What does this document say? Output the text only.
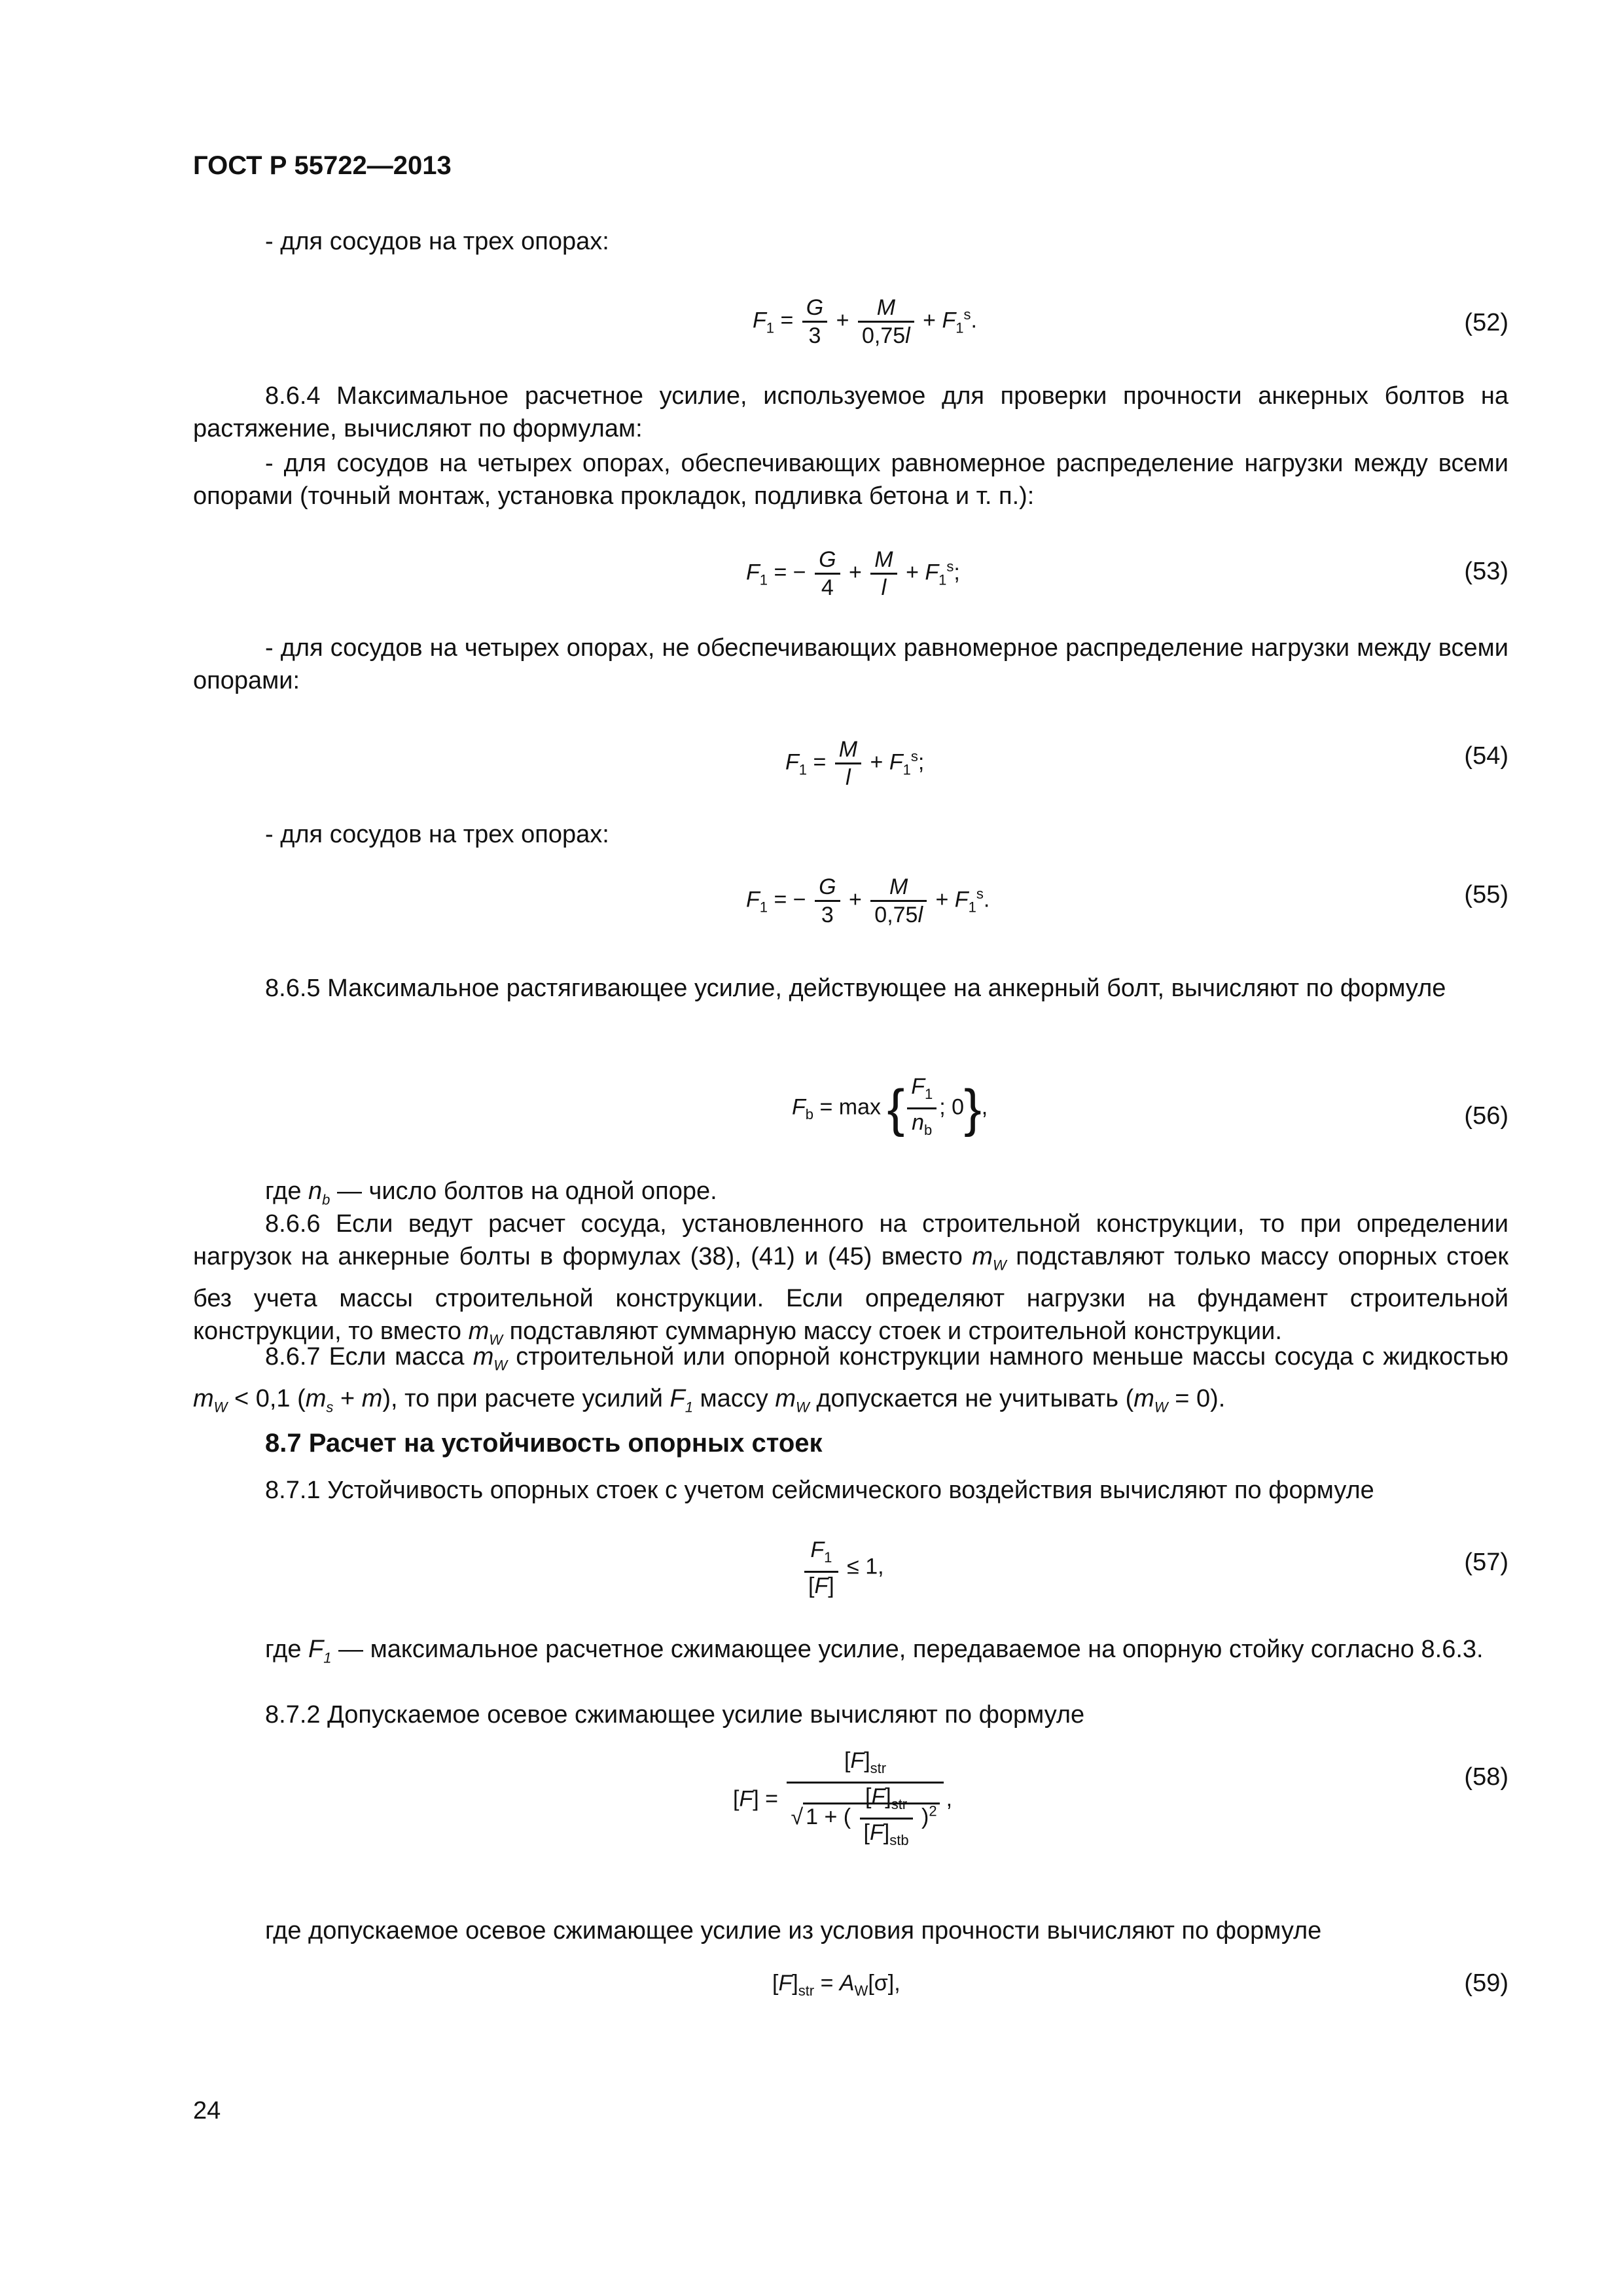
ГОСТ Р 55722—2013
- для сосудов на трех опорах:
$F_1 = \frac{G}{3} + \frac{M}{0,75l} + F_1^s$.	(52)
8.6.4 Максимальное расчетное усилие, используемое для проверки прочности анкерных болтов на растяжение, вычисляют по формулам:
- для сосудов на четырех опорах, обеспечивающих равномерное распределение нагрузки между всеми опорами (точный монтаж, установка прокладок, подливка бетона и т. п.):
$F_1$ = − $\frac{G}{4} + \frac{M}{l} + F_1^s$;	(53)
- для сосудов на четырех опорах, не обеспечивающих равномерное распределение нагрузки между всеми опорами:
$F_1 = \frac{M}{l} + F_1^s$;	(54)
- для сосудов на трех опорах:
$F_1$ = − $\frac{G}{3} + \frac{M}{0,75l} + F_1^s$.	(55)
8.6.5 Максимальное растягивающее усилие, действующее на анкерный болт, вычисляют по формуле
$F_b = \max$ { $\frac{F_1}{n_b}$ ; 0},	(56)
где $n_b$ — число болтов на одной опоре.
8.6.6 Если ведут расчет сосуда, установленного на строительной конструкции, то при определении нагрузок на анкерные болты в формулах (38), (41) и (45) вместо $m_W$ подставляют только массу опорных стоек без учета массы строительной конструкции. Если определяют нагрузки на фундамент строительной конструкции, то вместо $m_W$ подставляют суммарную массу стоек и строительной конструкции.
8.6.7 Если масса $m_W$ строительной или опорной конструкции намного меньше массы сосуда с жидкостью $m_W < 0,1$ $(m_s + m)$, то при расчете усилий $F_1$ массу $m_W$ допускается не учитывать $(m_W = 0)$.
8.7 Расчет на устойчивость опорных стоек
8.7.1 Устойчивость опорных стоек с учетом сейсмического воздействия вычисляют по формуле
$\frac{F_1}{[F]} \le 1$,	(57)
где $F_1$ — максимальное расчетное сжимающее усилие, передаваемое на опорную стойку согласно 8.6.3.
8.7.2 Допускаемое осевое сжимающее усилие вычисляют по формуле
$[F] = \frac{[F]_{str}}{√ 1 + ( \frac{[F]_{str}}{[F]_{stb}} )^2}$ ,
(58)
где допускаемое осевое сжимающее усилие из условия прочности вычисляют по формуле
$[F]_{str} = A_W[\sigma]$,	(59)
24
